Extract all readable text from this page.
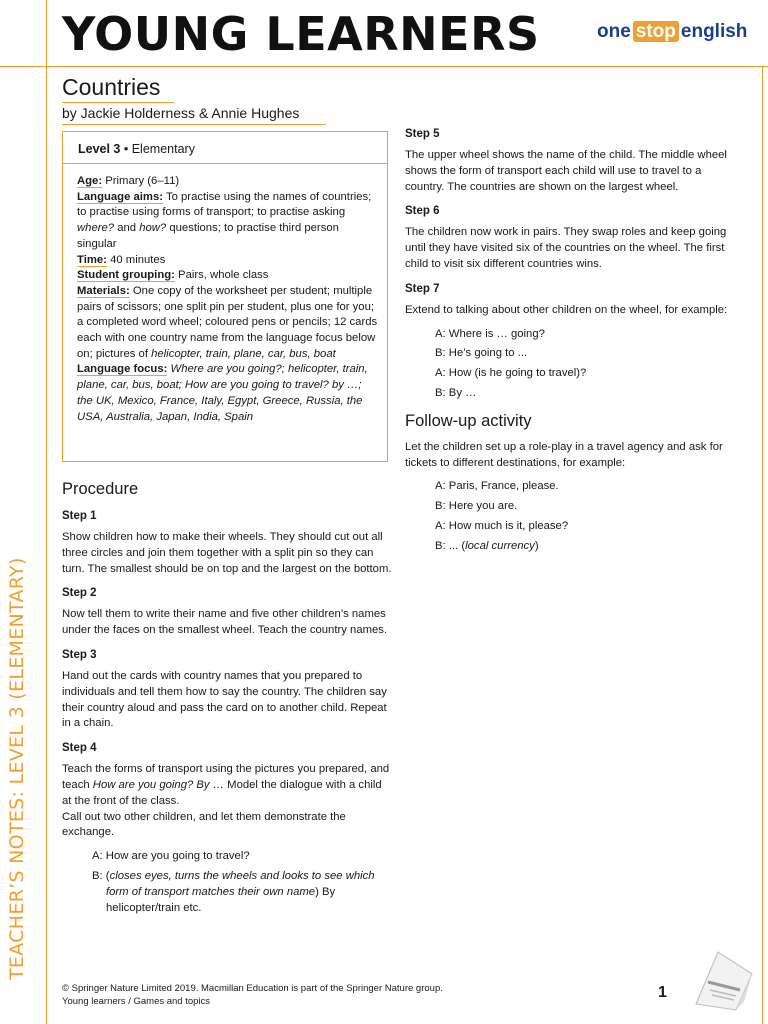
YOUNG LEARNERS	one stop english
TEACHER’S NOTES: LEVEL 3 (ELEMENTARY)
Countries
by Jackie Holderness & Annie Hughes
Level 3 • Elementary

Age: Primary (6–11)

Language aims: To practise using the names of countries; to practise using forms of transport; to practise asking where? and how? questions; to practise third person singular

Time: 40 minutes

Student grouping: Pairs, whole class

Materials: One copy of the worksheet per student; multiple pairs of scissors; one split pin per student, plus one for you; a completed word wheel; coloured pens or pencils; 12 cards each with one country name from the language focus below on; pictures of helicopter, train, plane, car, bus, boat

Language focus: Where are you going?; helicopter, train, plane, car, bus, boat; How are you going to travel? by …; the UK, Mexico, France, Italy, Egypt, Greece, Russia, the USA, Australia, Japan, India, Spain

Procedure
Step 1

Show children how to make their wheels. They should cut out all three circles and join them together with a split pin so they can turn. The smallest should be on top and the largest on the bottom.

Step 2

Now tell them to write their name and five other children’s names under the faces on the smallest wheel. Teach the country names.

Step 3

Hand out the cards with country names that you prepared to individuals and tell them how to say the country. The children say their country aloud and pass the card on to another child. Repeat in a chain.

Step 4

Teach the forms of transport using the pictures you prepared, and teach How are you going? By … Model the dialogue with a child at the front of the class.

Call out two other children, and let them demonstrate the exchange.

A: How are you going to travel?
B: (closes eyes, turns the wheels and looks to see which form of transport matches their own name) By helicopter/train etc.
Step 5

The upper wheel shows the name of the child. The middle wheel shows the form of transport each child will use to travel to a country. The countries are shown on the largest wheel.

Step 6

The children now work in pairs. They swap roles and keep going until they have visited six of the countries on the wheel. The first child to visit six different countries wins.

Step 7

Extend to talking about other children on the wheel, for example:

A: Where is … going?
B: He’s going to ...
A: How (is he going to travel)?
B: By …
Follow-up activity

Let the children set up a role-play in a travel agency and ask for tickets to different destinations, for example:

A: Paris, France, please.
B: Here you are.
A: How much is it, please?
B: ... (local currency)

© Springer Nature Limited 2019. Macmillan Education is part of the Springer Nature group.

Young learners / Games and topics

1
